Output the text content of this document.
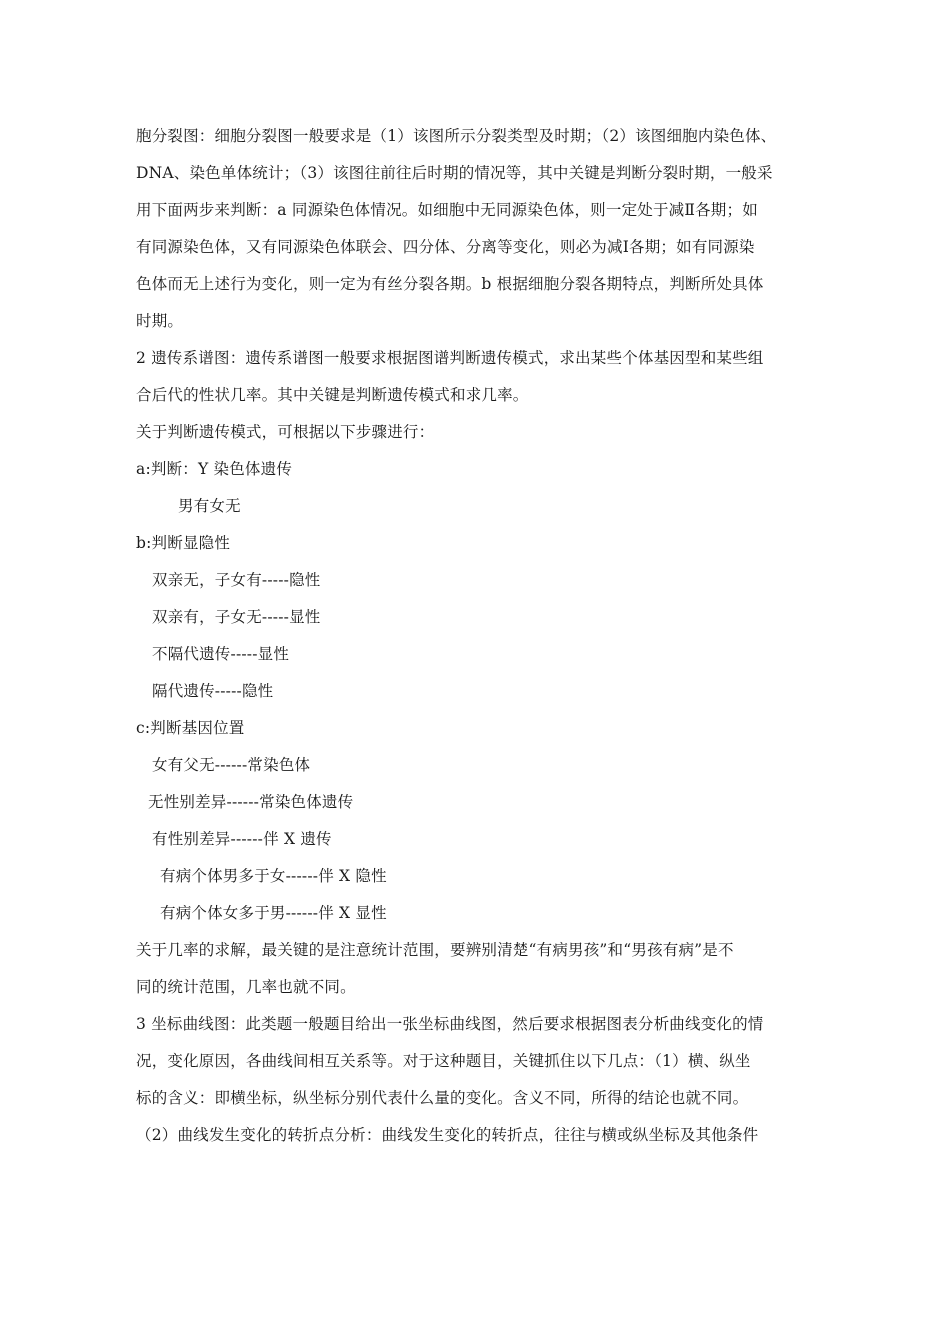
胞分裂图：细胞分裂图一般要求是（1）该图所示分裂类型及时期；（2）该图细胞内染色体、
DNA、染色单体统计；（3）该图往前往后时期的情况等，其中关键是判断分裂时期，一般采
用下面两步来判断：a 同源染色体情况。如细胞中无同源染色体，则一定处于减Ⅱ各期；如
有同源染色体，又有同源染色体联会、四分体、分离等变化，则必为减Ⅰ各期；如有同源染
色体而无上述行为变化，则一定为有丝分裂各期。b 根据细胞分裂各期特点，判断所处具体
时期。
2 遗传系谱图：遗传系谱图一般要求根据图谱判断遗传模式，求出某些个体基因型和某些组
合后代的性状几率。其中关键是判断遗传模式和求几率。
关于判断遗传模式，可根据以下步骤进行：
a:判断：Y 染色体遗传
男有女无
b:判断显隐性
双亲无，子女有-----隐性
双亲有，子女无-----显性
不隔代遗传-----显性
隔代遗传-----隐性
c:判断基因位置
女有父无------常染色体
无性别差异------常染色体遗传
有性别差异------伴 X 遗传
有病个体男多于女------伴 X 隐性
有病个体女多于男------伴 X 显性
关于几率的求解，最关键的是注意统计范围，要辨别清楚“有病男孩”和“男孩有病”是不
同的统计范围，几率也就不同。
3 坐标曲线图：此类题一般题目给出一张坐标曲线图，然后要求根据图表分析曲线变化的情
况，变化原因，各曲线间相互关系等。对于这种题目，关键抓住以下几点：（1）横、纵坐
标的含义：即横坐标，纵坐标分别代表什么量的变化。含义不同，所得的结论也就不同。
（2）曲线发生变化的转折点分析：曲线发生变化的转折点，往往与横或纵坐标及其他条件
